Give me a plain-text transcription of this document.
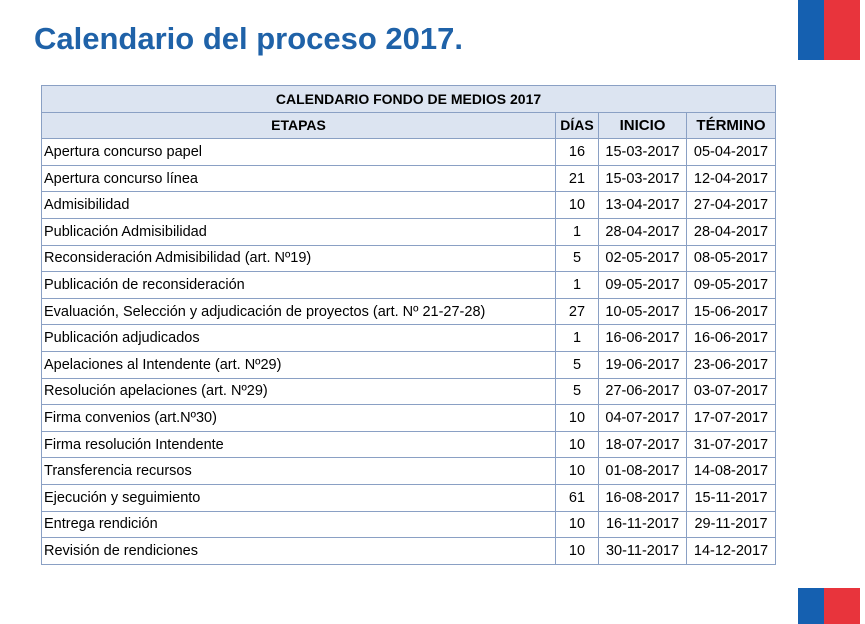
Calendario del proceso 2017.
CALENDARIO FONDO DE MEDIOS 2017			
ETAPAS	DÍAS	INICIO	TÉRMINO
Apertura concurso papel	16	15-03-2017	05-04-2017
Apertura concurso línea	21	15-03-2017	12-04-2017
Admisibilidad	10	13-04-2017	27-04-2017
Publicación Admisibilidad	1	28-04-2017	28-04-2017
Reconsideración Admisibilidad (art. Nº19)	5	02-05-2017	08-05-2017
Publicación de reconsideración	1	09-05-2017	09-05-2017
Evaluación, Selección y adjudicación de proyectos (art. Nº 21-27-28)	27	10-05-2017	15-06-2017
Publicación adjudicados	1	16-06-2017	16-06-2017
Apelaciones al Intendente (art. Nº29)	5	19-06-2017	23-06-2017
Resolución apelaciones (art. Nº29)	5	27-06-2017	03-07-2017
Firma convenios (art.Nº30)	10	04-07-2017	17-07-2017
Firma resolución Intendente	10	18-07-2017	31-07-2017
Transferencia recursos	10	01-08-2017	14-08-2017
Ejecución y seguimiento	61	16-08-2017	15-11-2017
Entrega rendición	10	16-11-2017	29-11-2017
Revisión de rendiciones	10	30-11-2017	14-12-2017
